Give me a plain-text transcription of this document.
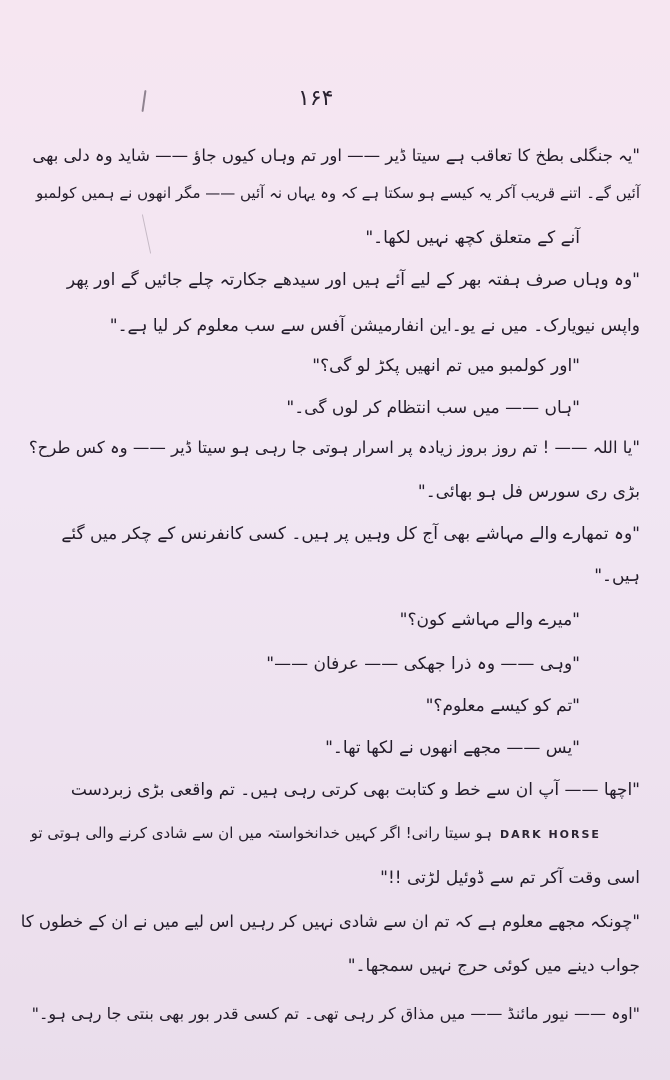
۱۶۴
"یہ جنگلی بطخ کا تعاقب ہے سیتا ڈیر —— اور تم وہاں کیوں جاؤ —— شاید وہ دلی بھی
آئیں گے۔ اتنے قریب آکر یہ کیسے ہو سکتا ہے کہ وہ یہاں نہ آئیں —— مگر انھوں نے ہمیں کولمبو
آنے کے متعلق کچھ نہیں لکھا۔"
"وہ وہاں صرف ہفتہ بھر کے لیے آئے ہیں اور سیدھے جکارتہ چلے جائیں گے اور پھر
واپس نیویارک۔ میں نے یو۔این انفارمیشن آفس سے سب معلوم کر لیا ہے۔"
"اور کولمبو میں تم انھیں پکڑ لو گی؟"
"ہاں —— میں سب انتظام کر لوں گی۔"
"یا اللہ —— ! تم روز بروز زیادہ پر اسرار ہوتی جا رہی ہو سیتا ڈیر —— وہ کس طرح؟
بڑی ری سورس فل ہو بھائی۔"
"وہ تمھارے والے مہاشے بھی آج کل وہیں پر ہیں۔ کسی کانفرنس کے چکر میں گئے
ہیں۔"
"میرے والے مہاشے کون؟"
"وہی —— وہ ذرا جھکی —— عرفان ——"
"تم کو کیسے معلوم؟"
"یس —— مجھے انھوں نے لکھا تھا۔"
"اچھا —— آپ ان سے خط و کتابت بھی کرتی رہی ہیں۔ تم واقعی بڑی زبردست
DARK HORSE
ہو سیتا رانی! اگر کہیں خدانخواستہ میں ان سے شادی کرنے والی ہوتی تو
اسی وقت آکر تم سے ڈوئیل لڑتی !!"
"چونکہ مجھے معلوم ہے کہ تم ان سے شادی نہیں کر رہیں اس لیے میں نے ان کے خطوں کا
جواب دینے میں کوئی حرج نہیں سمجھا۔"
"اوہ —— نیور مائنڈ —— میں مذاق کر رہی تھی۔ تم کسی قدر بور بھی بنتی جا رہی ہو۔"
